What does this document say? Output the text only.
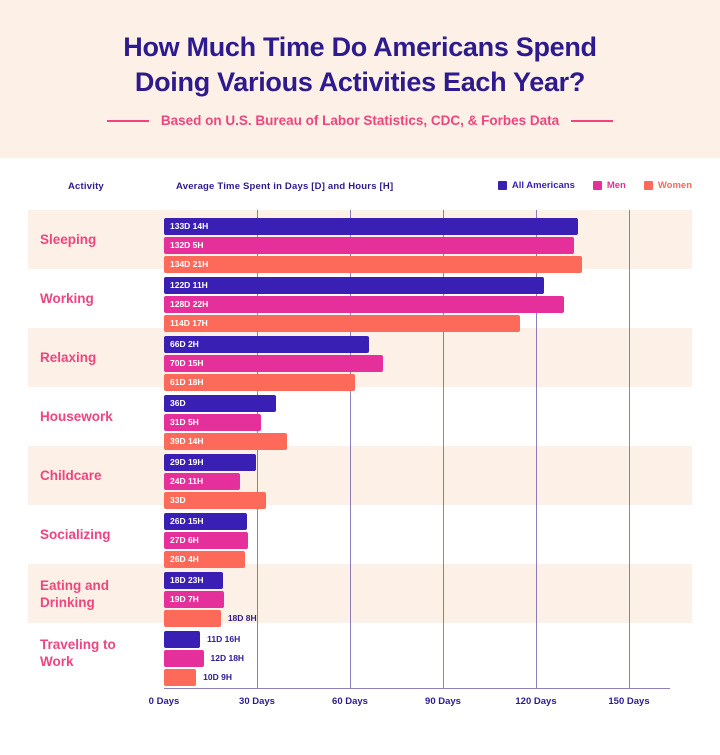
How Much Time Do Americans Spend
Doing Various Activities Each Year?
Based on U.S. Bureau of Labor Statistics, CDC, & Forbes Data
Activity	Average Time Spent in Days [D] and Hours [H]	All Americans	Men	Women
0 Days	30 Days	60 Days	90 Days	120 Days	150 Days
Sleeping
133D 14H
132D 5H
134D 21H
Working
122D 11H
128D 22H
114D 17H
Relaxing
66D 2H
70D 15H
61D 18H
Housework
36D
31D 5H
39D 14H
Childcare
29D 19H
24D 11H
33D
Socializing
26D 15H
27D 6H
26D 4H
Eating and Drinking
18D 23H
19D 7H
18D 8H
Traveling to Work
11D 16H
12D 18H
10D 9H
